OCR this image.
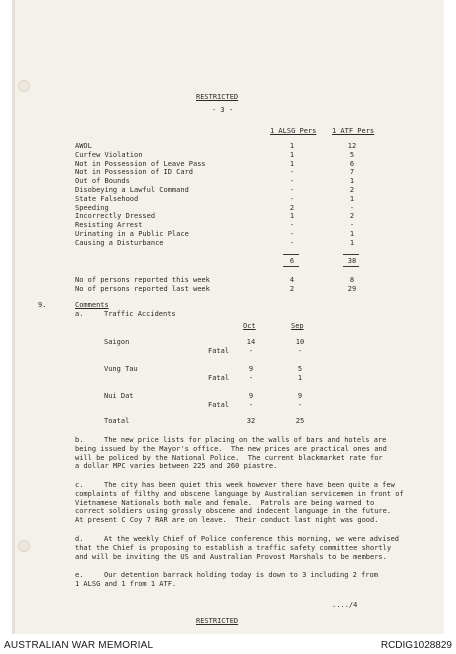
RESTRICTED
- 3 -
1 ALSG Pers 1 ATF Pers
AWOL	1	12
Curfew Violation	1	5
Not in Possession of Leave Pass	1	6
Not in Possession of ID Card	-	7
Out of Bounds	-	1
Disobeying a Lawful Command	-	2
State Falsehood	-	1
Speeding	2	-
Incorrectly Dressed	1	2
Resisting Arrest	-	-
Urinating in a Public Place	-	1
Causing a Disturbance	-	1
6	38
No of persons reported this week	4	8
No of persons reported last week	2	29
9.	Comments
a.	Traffic Accidents
Oct	Sep
Saigon	14	10
Fatal	-	-
Vung Tau	9	5
Fatal	-	1
Nui Dat	9	9
Fatal	-	-
Toatal	32	25
b.	The new price lists for placing on the walls of bars and hotels are
being issued by the Mayor's office.  The new prices are practical ones and
will be policed by the National Police.  The current blackmarket rate for
a dollar MPC varies between 225 and 260 piastre.
c.	The city has been quiet this week however there have been quite a few
complaints of filthy and obscene language by Australian servicemen in front of
Vietnamese Nationals both male and female.  Patrols are being warned to
correct soldiers using grossly obscene and indecent language in the future.
At present C Coy 7 RAR are on leave.  Their conduct last night was good.
d.	At the weekly Chief of Police conference this morning, we were advised
that the Chief is proposing to establish a traffic safety committee shortly
and will be inviting the US and Australian Provost Marshals to be members.
e.	Our detention barrack holding today is down to 3 including 2 from
1 ALSG and 1 from 1 ATF.
..../4
RESTRICTED
AUSTRALIAN WAR MEMORIAL	RCDIG1028829
